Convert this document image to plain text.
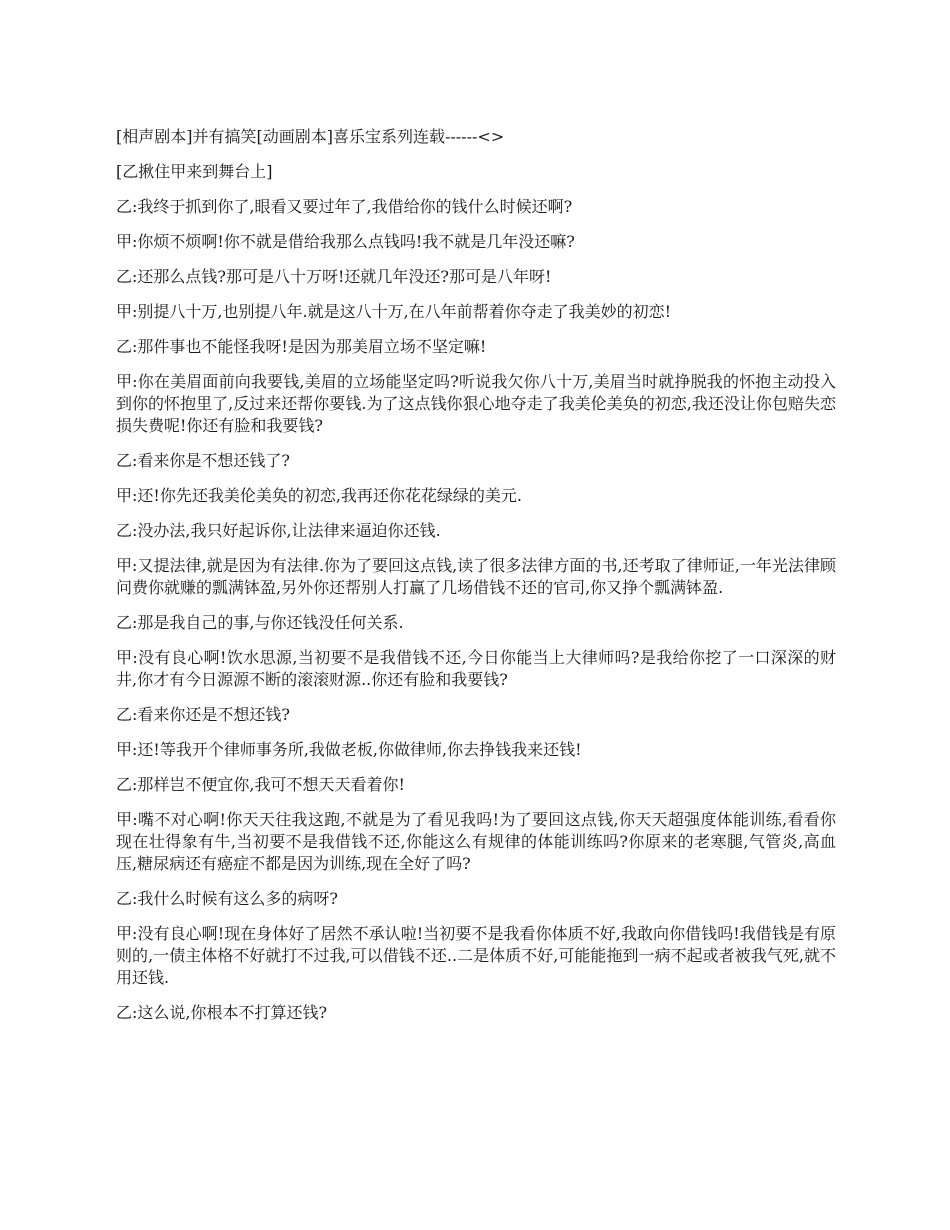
[相声剧本]并有搞笑[动画剧本]喜乐宝系列连载------<>

[乙揪住甲来到舞台上]

乙:我终于抓到你了,眼看又要过年了,我借给你的钱什么时候还啊?

甲:你烦不烦啊!你不就是借给我那么点钱吗!我不就是几年没还嘛?

乙:还那么点钱?那可是八十万呀!还就几年没还?那可是八年呀!

甲:别提八十万,也别提八年.就是这八十万,在八年前帮着你夺走了我美妙的初恋!

乙:那件事也不能怪我呀!是因为那美眉立场不坚定嘛!

甲:你在美眉面前向我要钱,美眉的立场能坚定吗?听说我欠你八十万,美眉当时就挣脱我的怀抱主动投入到你的怀抱里了,反过来还帮你要钱.为了这点钱你狠心地夺走了我美伦美奂的初恋,我还没让你包赔失恋损失费呢!你还有脸和我要钱?

乙:看来你是不想还钱了?

甲:还!你先还我美伦美奂的初恋,我再还你花花绿绿的美元.

乙:没办法,我只好起诉你,让法律来逼迫你还钱.

甲:又提法律,就是因为有法律.你为了要回这点钱,读了很多法律方面的书,还考取了律师证,一年光法律顾问费你就赚的瓢满钵盈,另外你还帮别人打赢了几场借钱不还的官司,你又挣个瓢满钵盈.

乙:那是我自己的事,与你还钱没任何关系.

甲:没有良心啊!饮水思源,当初要不是我借钱不还,今日你能当上大律师吗?是我给你挖了一口深深的财井,你才有今日源源不断的滚滚财源..你还有脸和我要钱?

乙:看来你还是不想还钱?

甲:还!等我开个律师事务所,我做老板,你做律师,你去挣钱我来还钱!

乙:那样岂不便宜你,我可不想天天看着你!

甲:嘴不对心啊!你天天往我这跑,不就是为了看见我吗!为了要回这点钱,你天天超强度体能训练,看看你现在壮得象有牛,当初要不是我借钱不还,你能这么有规律的体能训练吗?你原来的老寒腿,气管炎,高血压,糖尿病还有癌症不都是因为训练,现在全好了吗?

乙:我什么时候有这么多的病呀?

甲:没有良心啊!现在身体好了居然不承认啦!当初要不是我看你体质不好,我敢向你借钱吗!我借钱是有原则的,一债主体格不好就打不过我,可以借钱不还..二是体质不好,可能能拖到一病不起或者被我气死,就不用还钱.

乙:这么说,你根本不打算还钱?
